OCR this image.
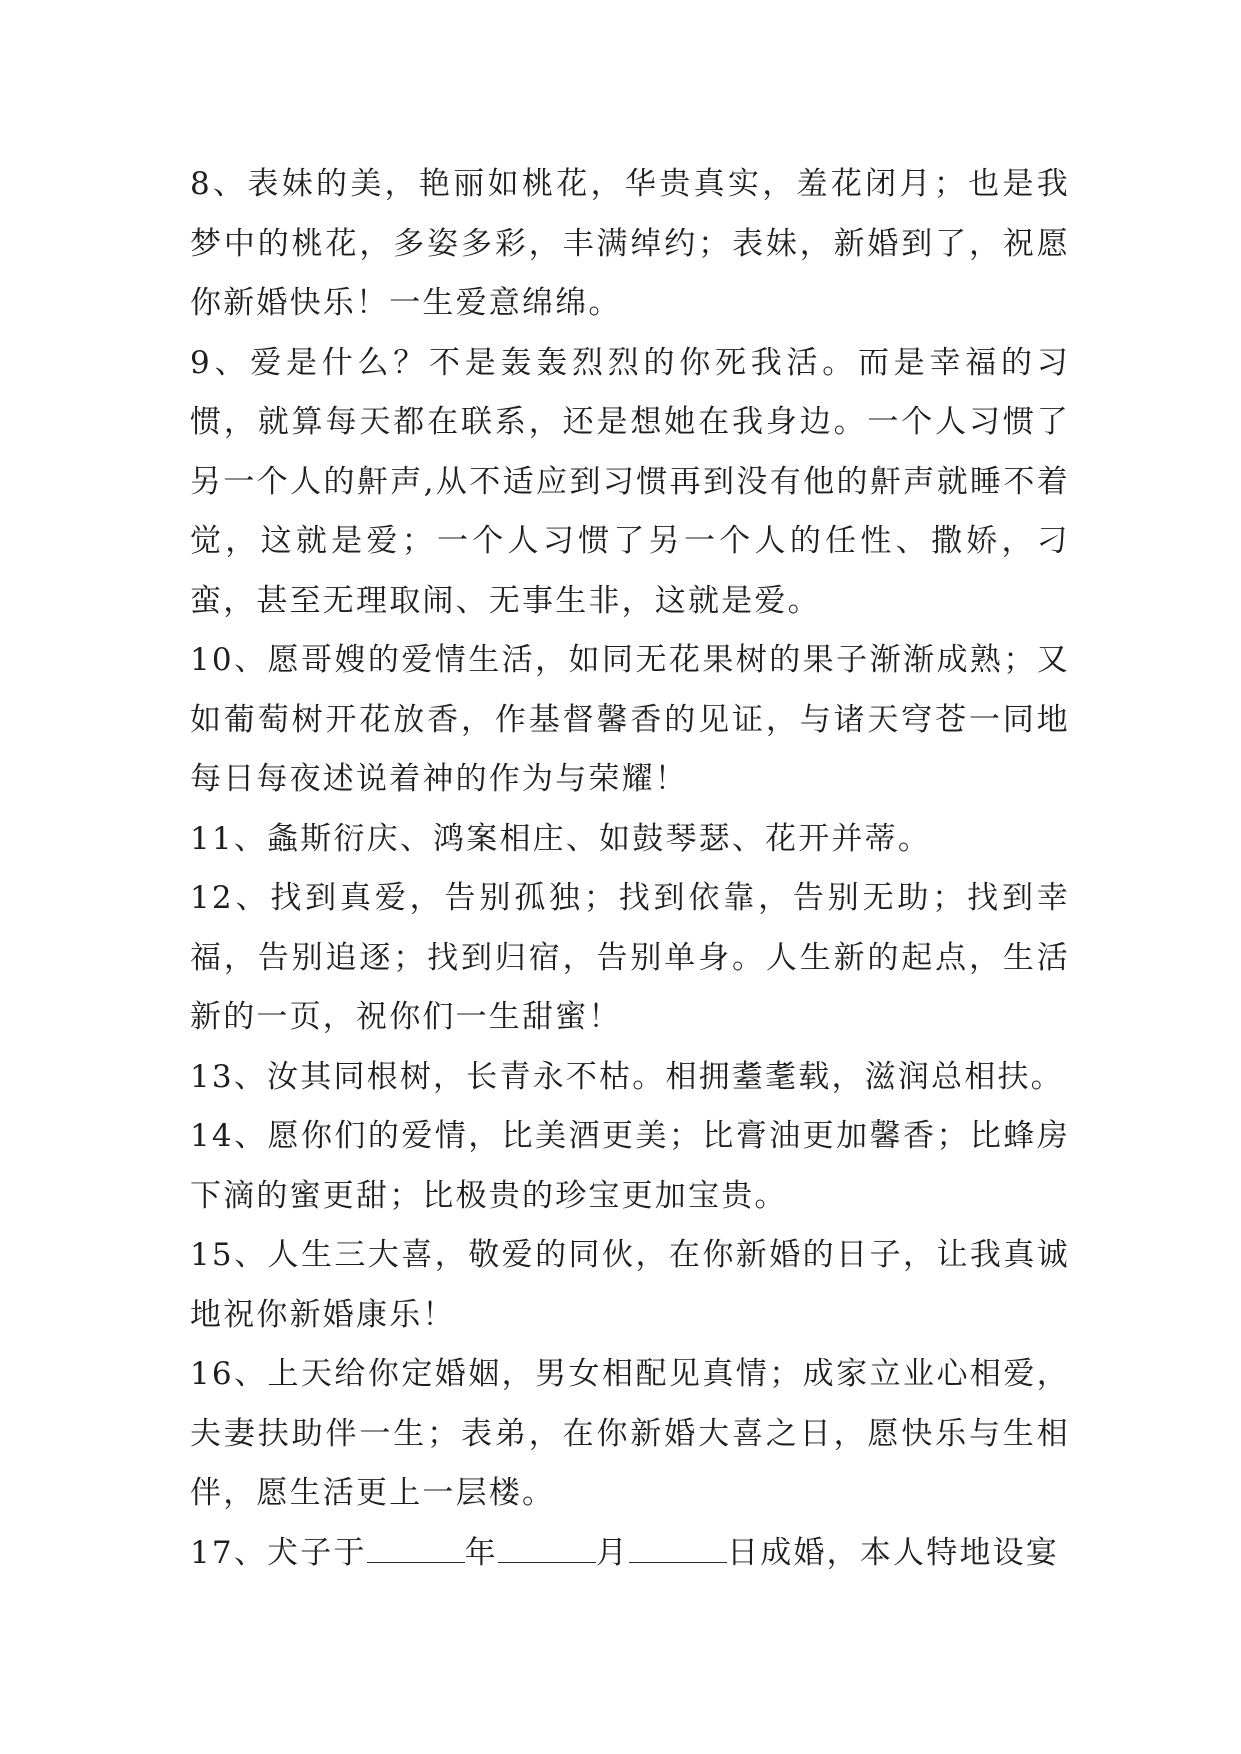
8、表妹的美，艳丽如桃花，华贵真实，羞花闭月；也是我梦中的桃花，多姿多彩，丰满绰约；表妹，新婚到了，祝愿你新婚快乐！一生爱意绵绵。

9、爱是什么？不是轰轰烈烈的你死我活。而是幸福的习惯，就算每天都在联系，还是想她在我身边。一个人习惯了另一个人的鼾声,从不适应到习惯再到没有他的鼾声就睡不着觉，这就是爱；一个人习惯了另一个人的任性、撒娇，刁蛮，甚至无理取闹、无事生非，这就是爱。

10、愿哥嫂的爱情生活，如同无花果树的果子渐渐成熟；又如葡萄树开花放香，作基督馨香的见证，与诸天穹苍一同地每日每夜述说着神的作为与荣耀！

11、螽斯衍庆、鸿案相庄、如鼓琴瑟、花开并蒂。

12、找到真爱，告别孤独；找到依靠，告别无助；找到幸福，告别追逐；找到归宿，告别单身。人生新的起点，生活新的一页，祝你们一生甜蜜！

13、汝其同根树，长青永不枯。相拥耋耄载，滋润总相扶。

14、愿你们的爱情，比美酒更美；比膏油更加馨香；比蜂房下滴的蜜更甜；比极贵的珍宝更加宝贵。

15、人生三大喜，敬爱的同伙，在你新婚的日子，让我真诚地祝你新婚康乐！

16、上天给你定婚姻，男女相配见真情；成家立业心相爱，夫妻扶助伴一生；表弟，在你新婚大喜之日，愿快乐与生相伴，愿生活更上一层楼。

17、犬子于	年	月	日成婚，本人特地设宴
